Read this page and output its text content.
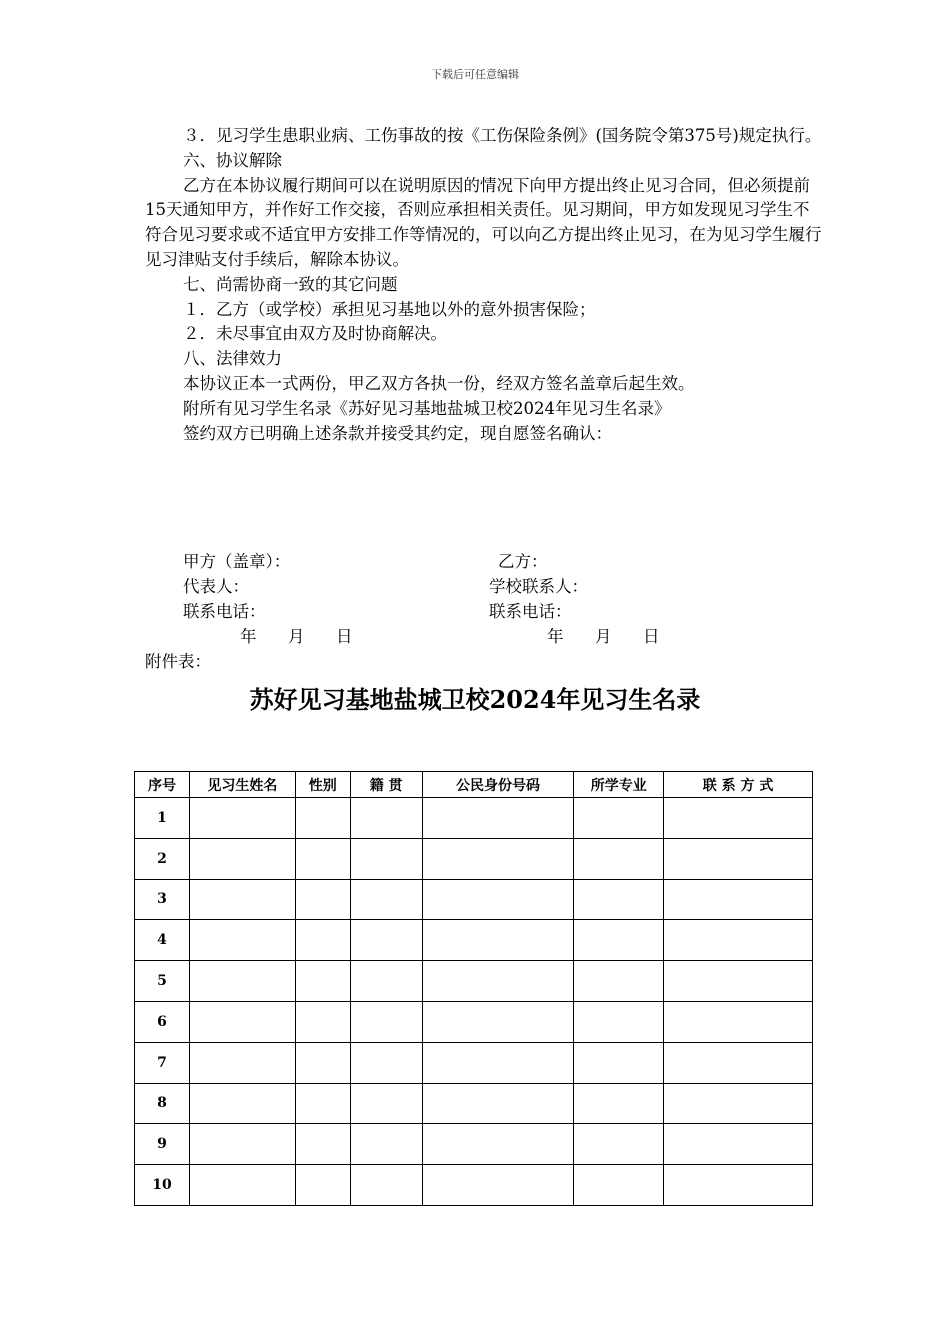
下载后可任意编辑

３．见习学生患职业病、工伤事故的按《工伤保险条例》(国务院令第375号)规定执行。

六、协议解除

乙方在本协议履行期间可以在说明原因的情况下向甲方提出终止见习合同，但必须提前15天通知甲方，并作好工作交接，否则应承担相关责任。见习期间，甲方如发现见习学生不符合见习要求或不适宜甲方安排工作等情况的，可以向乙方提出终止见习，在为见习学生履行见习津贴支付手续后，解除本协议。

七、尚需协商一致的其它问题

１．乙方（或学校）承担见习基地以外的意外损害保险；

２．未尽事宜由双方及时协商解决。

八、法律效力

本协议正本一式两份，甲乙双方各执一份，经双方签名盖章后起生效。

附所有见习学生名录《苏好见习基地盐城卫校2024年见习生名录》

签约双方已明确上述条款并接受其约定，现自愿签名确认：

甲方（盖章）：	乙方：
代表人：	学校联系人：
联系电话：	联系电话：
年 月 日	年 月 日
附件表：
苏好见习基地盐城卫校2024年见习生名录
序号	见习生姓名	性别	籍 贯	公民身份号码	所学专业	联 系 方 式
1						
2						
3						
4						
5						
6						
7						
8						
9						
10						
